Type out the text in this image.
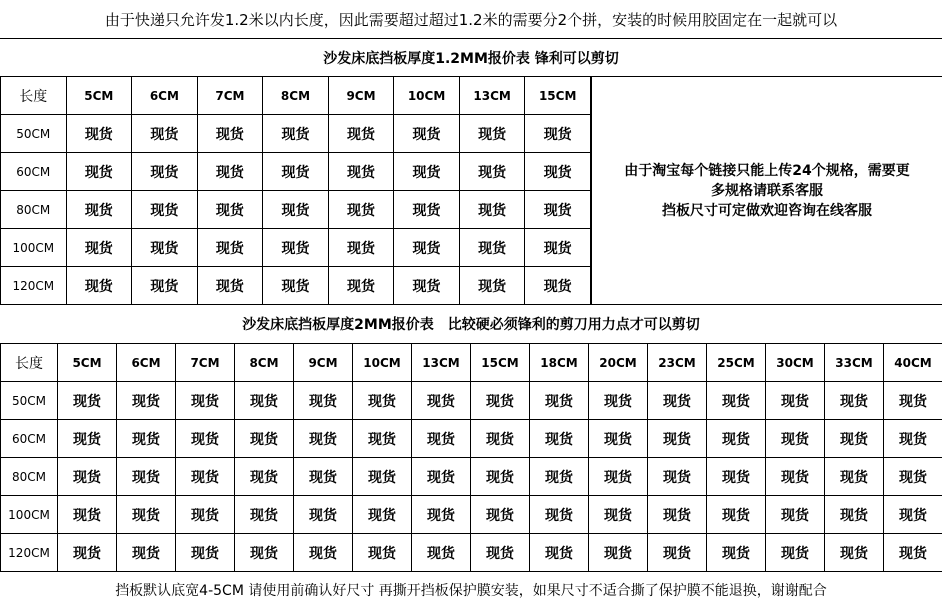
由于快递只允许发1.2米以内长度，因此需要超过超过1.2米的需要分2个拼，安装的时候用胶固定在一起就可以
沙发床底挡板厚度1.2MM报价表 锋利可以剪切
长度	5CM	6CM	7CM	8CM	9CM	10CM	13CM	15CM
50CM	现货	现货	现货	现货	现货	现货	现货	现货
60CM	现货	现货	现货	现货	现货	现货	现货	现货
80CM	现货	现货	现货	现货	现货	现货	现货	现货
100CM	现货	现货	现货	现货	现货	现货	现货	现货
120CM	现货	现货	现货	现货	现货	现货	现货	现货
由于淘宝每个链接只能上传24个规格，需要更
多规格请联系客服
挡板尺寸可定做欢迎咨询在线客服
沙发床底挡板厚度2MM报价表　比较硬必须锋利的剪刀用力点才可以剪切
长度	5CM	6CM	7CM	8CM	9CM	10CM	13CM	15CM	18CM	20CM	23CM	25CM	30CM	33CM	40CM
50CM	现货	现货	现货	现货	现货	现货	现货	现货	现货	现货	现货	现货	现货	现货	现货
60CM	现货	现货	现货	现货	现货	现货	现货	现货	现货	现货	现货	现货	现货	现货	现货
80CM	现货	现货	现货	现货	现货	现货	现货	现货	现货	现货	现货	现货	现货	现货	现货
100CM	现货	现货	现货	现货	现货	现货	现货	现货	现货	现货	现货	现货	现货	现货	现货
120CM	现货	现货	现货	现货	现货	现货	现货	现货	现货	现货	现货	现货	现货	现货	现货
挡板默认底宽4-5CM 请使用前确认好尺寸 再撕开挡板保护膜安装，如果尺寸不适合撕了保护膜不能退换，谢谢配合
